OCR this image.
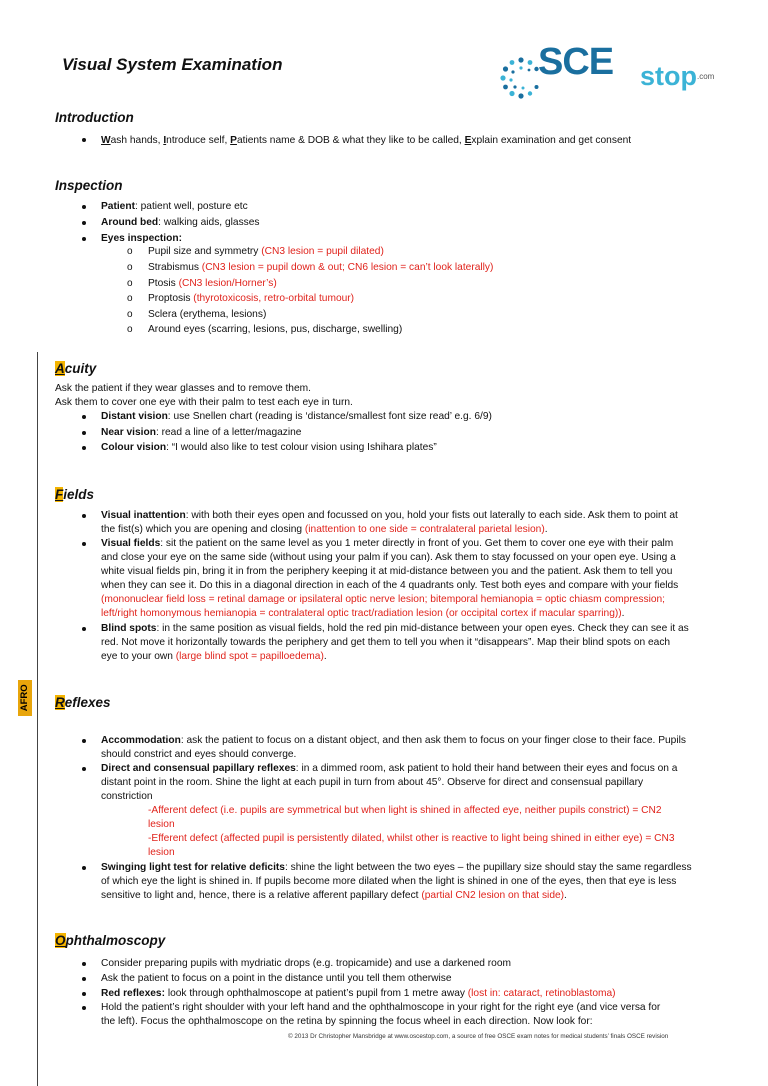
Visual System Examination	SCE stop .com
AFRO
Introduction
Wash hands, Introduce self, Patients name & DOB & what they like to be called, Explain examination and get consent
Inspection
Patient: patient well, posture etc
Around bed: walking aids, glasses
Eyes inspection:
o Pupil size and symmetry (CN3 lesion = pupil dilated)
o Strabismus (CN3 lesion = pupil down & out; CN6 lesion = can’t look laterally)
o Ptosis (CN3 lesion/Horner’s)
o Proptosis (thyrotoxicosis, retro-orbital tumour)
o Sclera (erythema, lesions)
o Around eyes (scarring, lesions, pus, discharge, swelling)
Acuity
Ask the patient if they wear glasses and to remove them.
Ask them to cover one eye with their palm to test each eye in turn.
Distant vision: use Snellen chart (reading is ‘distance/smallest font size read’ e.g. 6/9)
Near vision: read a line of a letter/magazine
Colour vision: “I would also like to test colour vision using Ishihara plates”
Fields
Visual inattention: with both their eyes open and focussed on you, hold your fists out laterally to each side. Ask them to point at
the fist(s) which you are opening and closing (inattention to one side = contralateral parietal lesion).
Visual fields: sit the patient on the same level as you 1 meter directly in front of you. Get them to cover one eye with their palm
and close your eye on the same side (without using your palm if you can). Ask them to stay focussed on your open eye. Using a
white visual fields pin, bring it in from the periphery keeping it at mid-distance between you and the patient. Ask them to tell you
when they can see it. Do this in a diagonal direction in each of the 4 quadrants only. Test both eyes and compare with your fields
(mononuclear field loss = retinal damage or ipsilateral optic nerve lesion; bitemporal hemianopia = optic chiasm compression;
left/right homonymous hemianopia = contralateral optic tract/radiation lesion (or occipital cortex if macular sparring)).
Blind spots: in the same position as visual fields, hold the red pin mid-distance between your open eyes. Check they can see it as
red. Not move it horizontally towards the periphery and get them to tell you when it “disappears”. Map their blind spots on each
eye to your own (large blind spot = papilloedema).
Reflexes
Accommodation: ask the patient to focus on a distant object, and then ask them to focus on your finger close to their face. Pupils
should constrict and eyes should converge.
Direct and consensual papillary reflexes: in a dimmed room, ask patient to hold their hand between their eyes and focus on a
distant point in the room. Shine the light at each pupil in turn from about 45°. Observe for direct and consensual papillary
constriction
-Afferent defect (i.e. pupils are symmetrical but when light is shined in affected eye, neither pupils constrict) = CN2
lesion
-Efferent defect (affected pupil is persistently dilated, whilst other is reactive to light being shined in either eye) = CN3
lesion
Swinging light test for relative deficits: shine the light between the two eyes – the pupillary size should stay the same regardless
of which eye the light is shined in. If pupils become more dilated when the light is shined in one of the eyes, then that eye is less
sensitive to light and, hence, there is a relative afferent papillary defect (partial CN2 lesion on that side).
Ophthalmoscopy
Consider preparing pupils with mydriatic drops (e.g. tropicamide) and use a darkened room
Ask the patient to focus on a point in the distance until you tell them otherwise
Red reflexes: look through ophthalmoscope at patient’s pupil from 1 metre away (lost in: cataract, retinoblastoma)
Hold the patient’s right shoulder with your left hand and the ophthalmoscope in your right for the right eye (and vice versa for
the left). Focus the ophthalmoscope on the retina by spinning the focus wheel in each direction. Now look for:
© 2013 Dr Christopher Mansbridge at www.oscestop.com, a source of free OSCE exam notes for medical students’ finals OSCE revision
